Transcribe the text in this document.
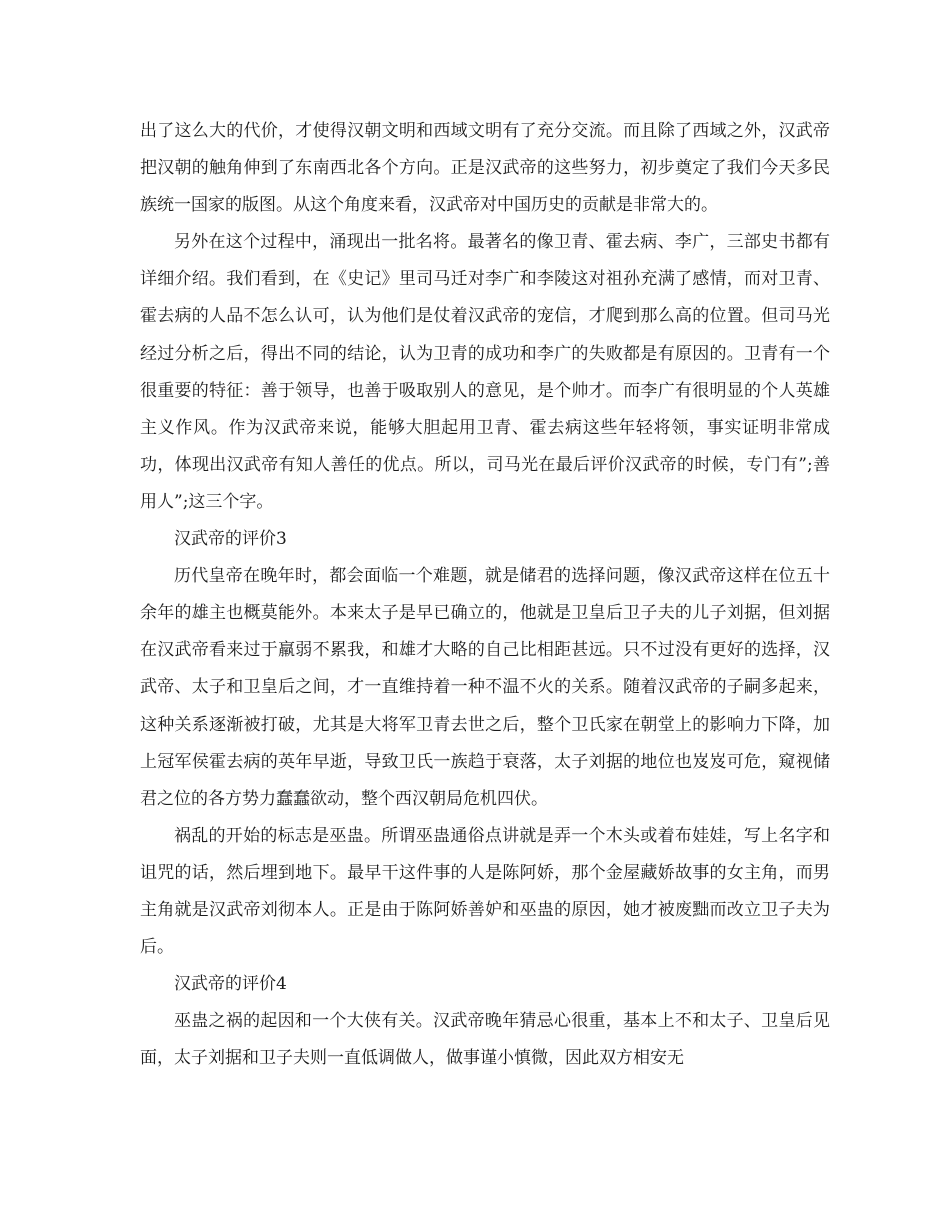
出了这么大的代价，才使得汉朝文明和西域文明有了充分交流。而且除了西域之外，汉武帝把汉朝的触角伸到了东南西北各个方向。正是汉武帝的这些努力，初步奠定了我们今天多民族统一国家的版图。从这个角度来看，汉武帝对中国历史的贡献是非常大的。

另外在这个过程中，涌现出一批名将。最著名的像卫青、霍去病、李广，三部史书都有详细介绍。我们看到，在《史记》里司马迁对李广和李陵这对祖孙充满了感情，而对卫青、霍去病的人品不怎么认可，认为他们是仗着汉武帝的宠信，才爬到那么高的位置。但司马光经过分析之后，得出不同的结论，认为卫青的成功和李广的失败都是有原因的。卫青有一个很重要的特征：善于领导，也善于吸取别人的意见，是个帅才。而李广有很明显的个人英雄主义作风。作为汉武帝来说，能够大胆起用卫青、霍去病这些年轻将领，事实证明非常成功，体现出汉武帝有知人善任的优点。所以，司马光在最后评价汉武帝的时候，专门有”;善用人”;这三个字。

汉武帝的评价3

历代皇帝在晚年时，都会面临一个难题，就是储君的选择问题，像汉武帝这样在位五十余年的雄主也概莫能外。本来太子是早已确立的，他就是卫皇后卫子夫的儿子刘据，但刘据在汉武帝看来过于羸弱不累我，和雄才大略的自己比相距甚远。只不过没有更好的选择，汉武帝、太子和卫皇后之间，才一直维持着一种不温不火的关系。随着汉武帝的子嗣多起来，这种关系逐渐被打破，尤其是大将军卫青去世之后，整个卫氏家在朝堂上的影响力下降，加上冠军侯霍去病的英年早逝，导致卫氏一族趋于衰落，太子刘据的地位也岌岌可危，窥视储君之位的各方势力蠢蠢欲动，整个西汉朝局危机四伏。

祸乱的开始的标志是巫蛊。所谓巫蛊通俗点讲就是弄一个木头或着布娃娃，写上名字和诅咒的话，然后埋到地下。最早干这件事的人是陈阿娇，那个金屋藏娇故事的女主角，而男主角就是汉武帝刘彻本人。正是由于陈阿娇善妒和巫蛊的原因，她才被废黜而改立卫子夫为后。

汉武帝的评价4

巫蛊之祸的起因和一个大侠有关。汉武帝晚年猜忌心很重，基本上不和太子、卫皇后见面，太子刘据和卫子夫则一直低调做人，做事谨小慎微，因此双方相安无
